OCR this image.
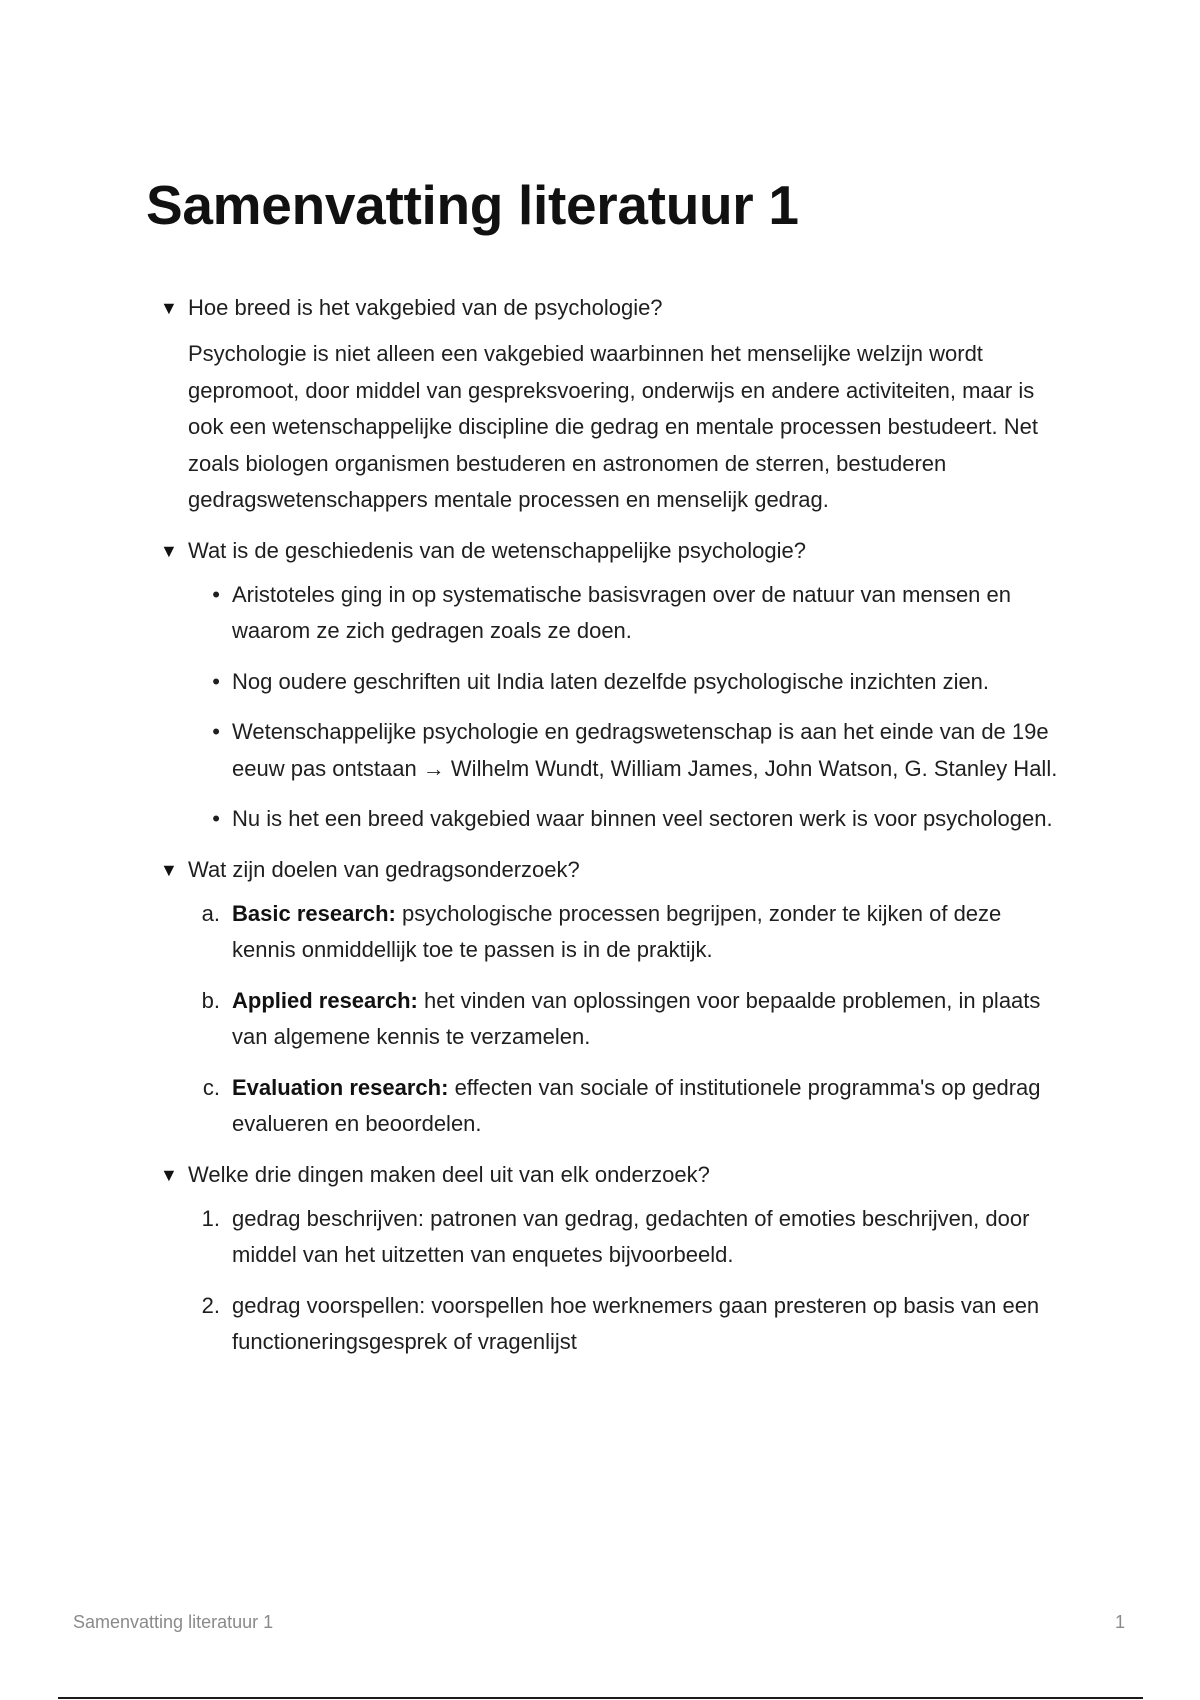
Samenvatting literatuur 1
▼ Hoe breed is het vakgebied van de psychologie?

Psychologie is niet alleen een vakgebied waarbinnen het menselijke welzijn wordt gepromoot, door middel van gespreksvoering, onderwijs en andere activiteiten, maar is ook een wetenschappelijke discipline die gedrag en mentale processen bestudeert. Net zoals biologen organismen bestuderen en astronomen de sterren, bestuderen gedragswetenschappers mentale processen en menselijk gedrag.

▼ Wat is de geschiedenis van de wetenschappelijke psychologie?
• Aristoteles ging in op systematische basisvragen over de natuur van mensen en waarom ze zich gedragen zoals ze doen.
• Nog oudere geschriften uit India laten dezelfde psychologische inzichten zien.
• Wetenschappelijke psychologie en gedragswetenschap is aan het einde van de 19e eeuw pas ontstaan → Wilhelm Wundt, William James, John Watson, G. Stanley Hall.
• Nu is het een breed vakgebied waar binnen veel sectoren werk is voor psychologen.
▼ Wat zijn doelen van gedragsonderzoek?
a. Basic research: psychologische processen begrijpen, zonder te kijken of deze kennis onmiddellijk toe te passen is in de praktijk.
b. Applied research: het vinden van oplossingen voor bepaalde problemen, in plaats van algemene kennis te verzamelen.
c. Evaluation research: effecten van sociale of institutionele programma's op gedrag evalueren en beoordelen.
▼ Welke drie dingen maken deel uit van elk onderzoek?
1. gedrag beschrijven: patronen van gedrag, gedachten of emoties beschrijven, door middel van het uitzetten van enquetes bijvoorbeeld.
2. gedrag voorspellen: voorspellen hoe werknemers gaan presteren op basis van een functioneringsgesprek of vragenlijst
Samenvatting literatuur 1	1
